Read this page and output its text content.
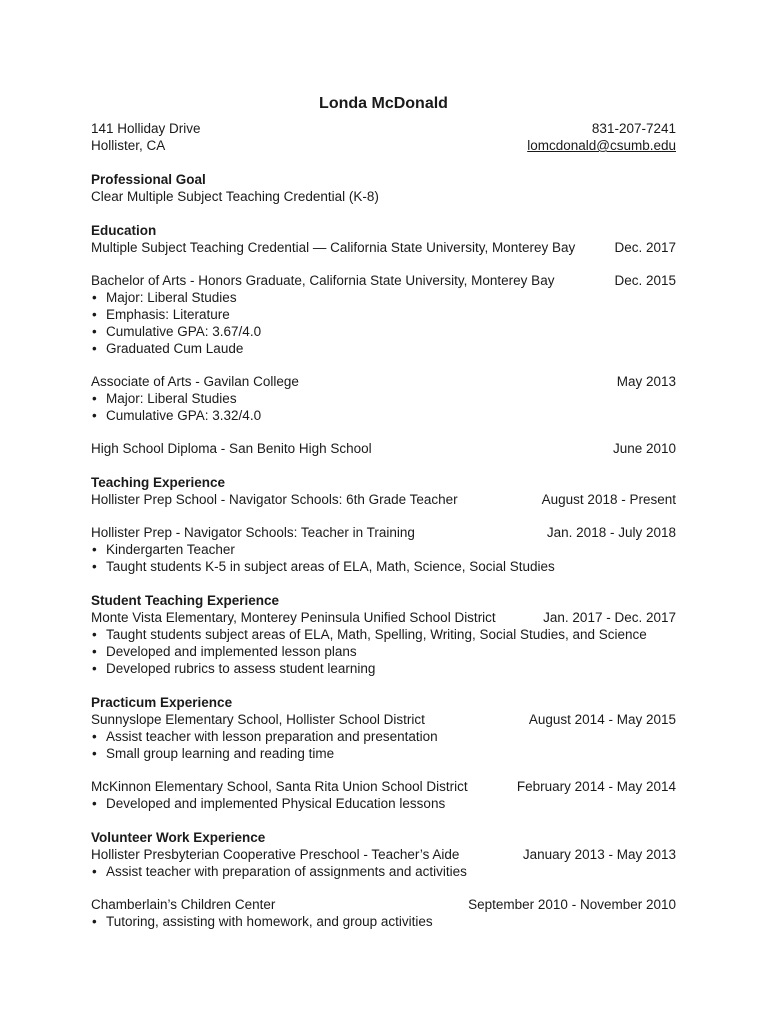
Londa McDonald
141 Holliday Drive	831-207-7241
Hollister, CA	lomcdonald@csumb.edu
Professional Goal
Clear Multiple Subject Teaching Credential (K-8)
Education
Multiple Subject Teaching Credential — California State University, Monterey Bay	Dec. 2017
Bachelor of Arts - Honors Graduate, California State University, Monterey Bay	Dec. 2015
• Major: Liberal Studies
• Emphasis: Literature
• Cumulative GPA: 3.67/4.0
• Graduated Cum Laude
Associate of Arts - Gavilan College	May 2013
• Major: Liberal Studies
• Cumulative GPA: 3.32/4.0
High School Diploma - San Benito High School	June 2010
Teaching Experience
Hollister Prep School - Navigator Schools: 6th Grade Teacher	August 2018 - Present
Hollister Prep - Navigator Schools: Teacher in Training	Jan. 2018 - July 2018
• Kindergarten Teacher
• Taught students K-5 in subject areas of ELA, Math, Science, Social Studies
Student Teaching Experience
Monte Vista Elementary, Monterey Peninsula Unified School District	Jan. 2017 - Dec. 2017
• Taught students subject areas of ELA, Math, Spelling, Writing, Social Studies, and Science
• Developed and implemented lesson plans
• Developed rubrics to assess student learning
Practicum Experience
Sunnyslope Elementary School, Hollister School District	August 2014 - May 2015
• Assist teacher with lesson preparation and presentation
• Small group learning and reading time
McKinnon Elementary School, Santa Rita Union School District	February 2014 - May 2014
• Developed and implemented Physical Education lessons
Volunteer Work Experience
Hollister Presbyterian Cooperative Preschool - Teacher’s Aide	January 2013 - May 2013
• Assist teacher with preparation of assignments and activities
Chamberlain’s Children Center	September 2010 - November 2010
• Tutoring, assisting with homework, and group activities
